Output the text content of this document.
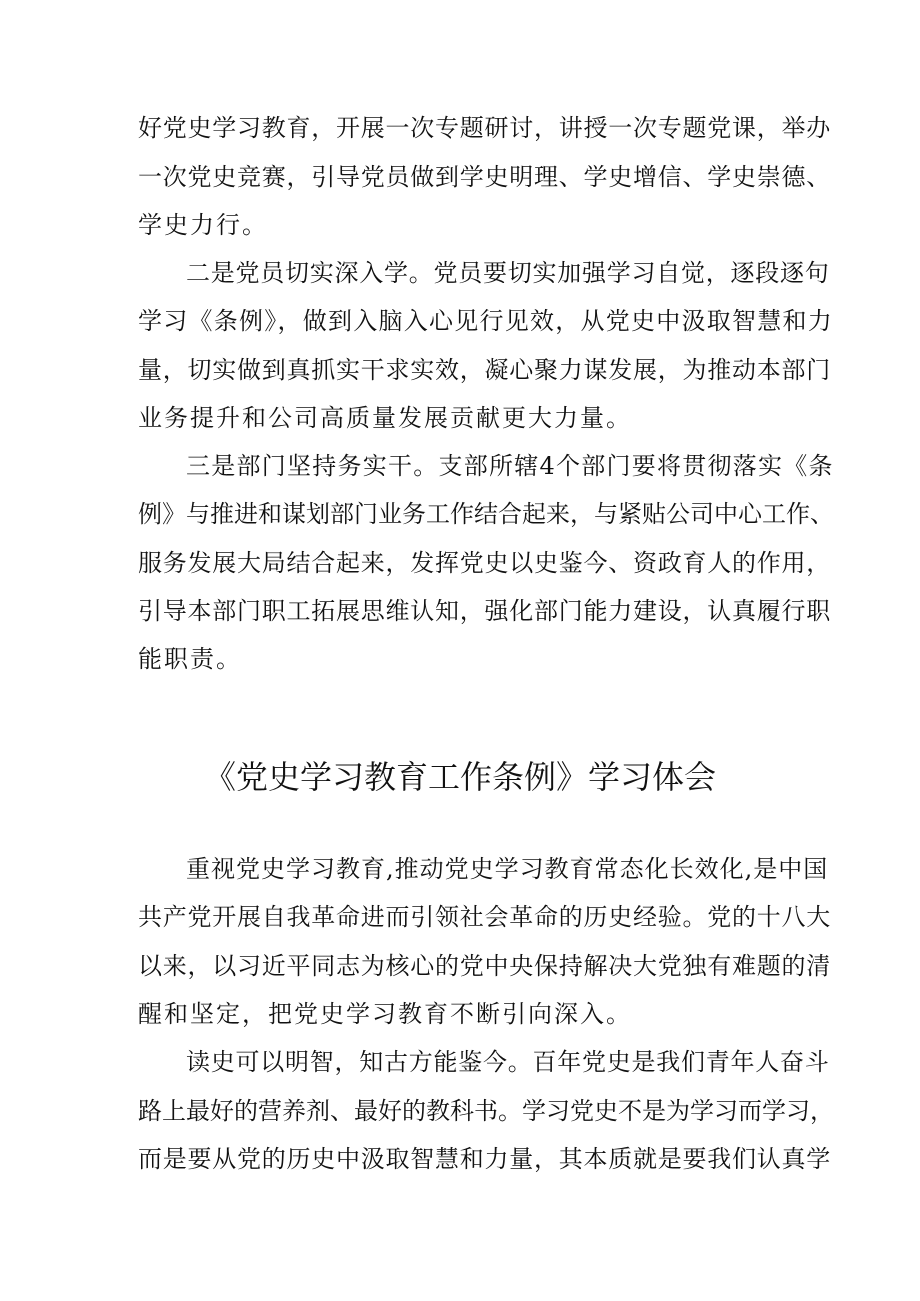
好党史学习教育，开展一次专题研讨，讲授一次专题党课，举办
一次党史竞赛，引导党员做到学史明理、学史增信、学史崇德、
学史力行。
二是党员切实深入学。党员要切实加强学习自觉，逐段逐句
学习《条例》，做到入脑入心见行见效，从党史中汲取智慧和力
量，切实做到真抓实干求实效，凝心聚力谋发展，为推动本部门
业务提升和公司高质量发展贡献更大力量。
三是部门坚持务实干。支部所辖4个部门要将贯彻落实《条
例》与推进和谋划部门业务工作结合起来，与紧贴公司中心工作、
服务发展大局结合起来，发挥党史以史鉴今、资政育人的作用，
引导本部门职工拓展思维认知，强化部门能力建设，认真履行职
能职责。
《党史学习教育工作条例》学习体会
重视党史学习教育,推动党史学习教育常态化长效化,是中国
共产党开展自我革命进而引领社会革命的历史经验。党的十八大
以来，以习近平同志为核心的党中央保持解决大党独有难题的清
醒和坚定，把党史学习教育不断引向深入。
读史可以明智，知古方能鉴今。百年党史是我们青年人奋斗
路上最好的营养剂、最好的教科书。学习党史不是为学习而学习，
而是要从党的历史中汲取智慧和力量，其本质就是要我们认真学
